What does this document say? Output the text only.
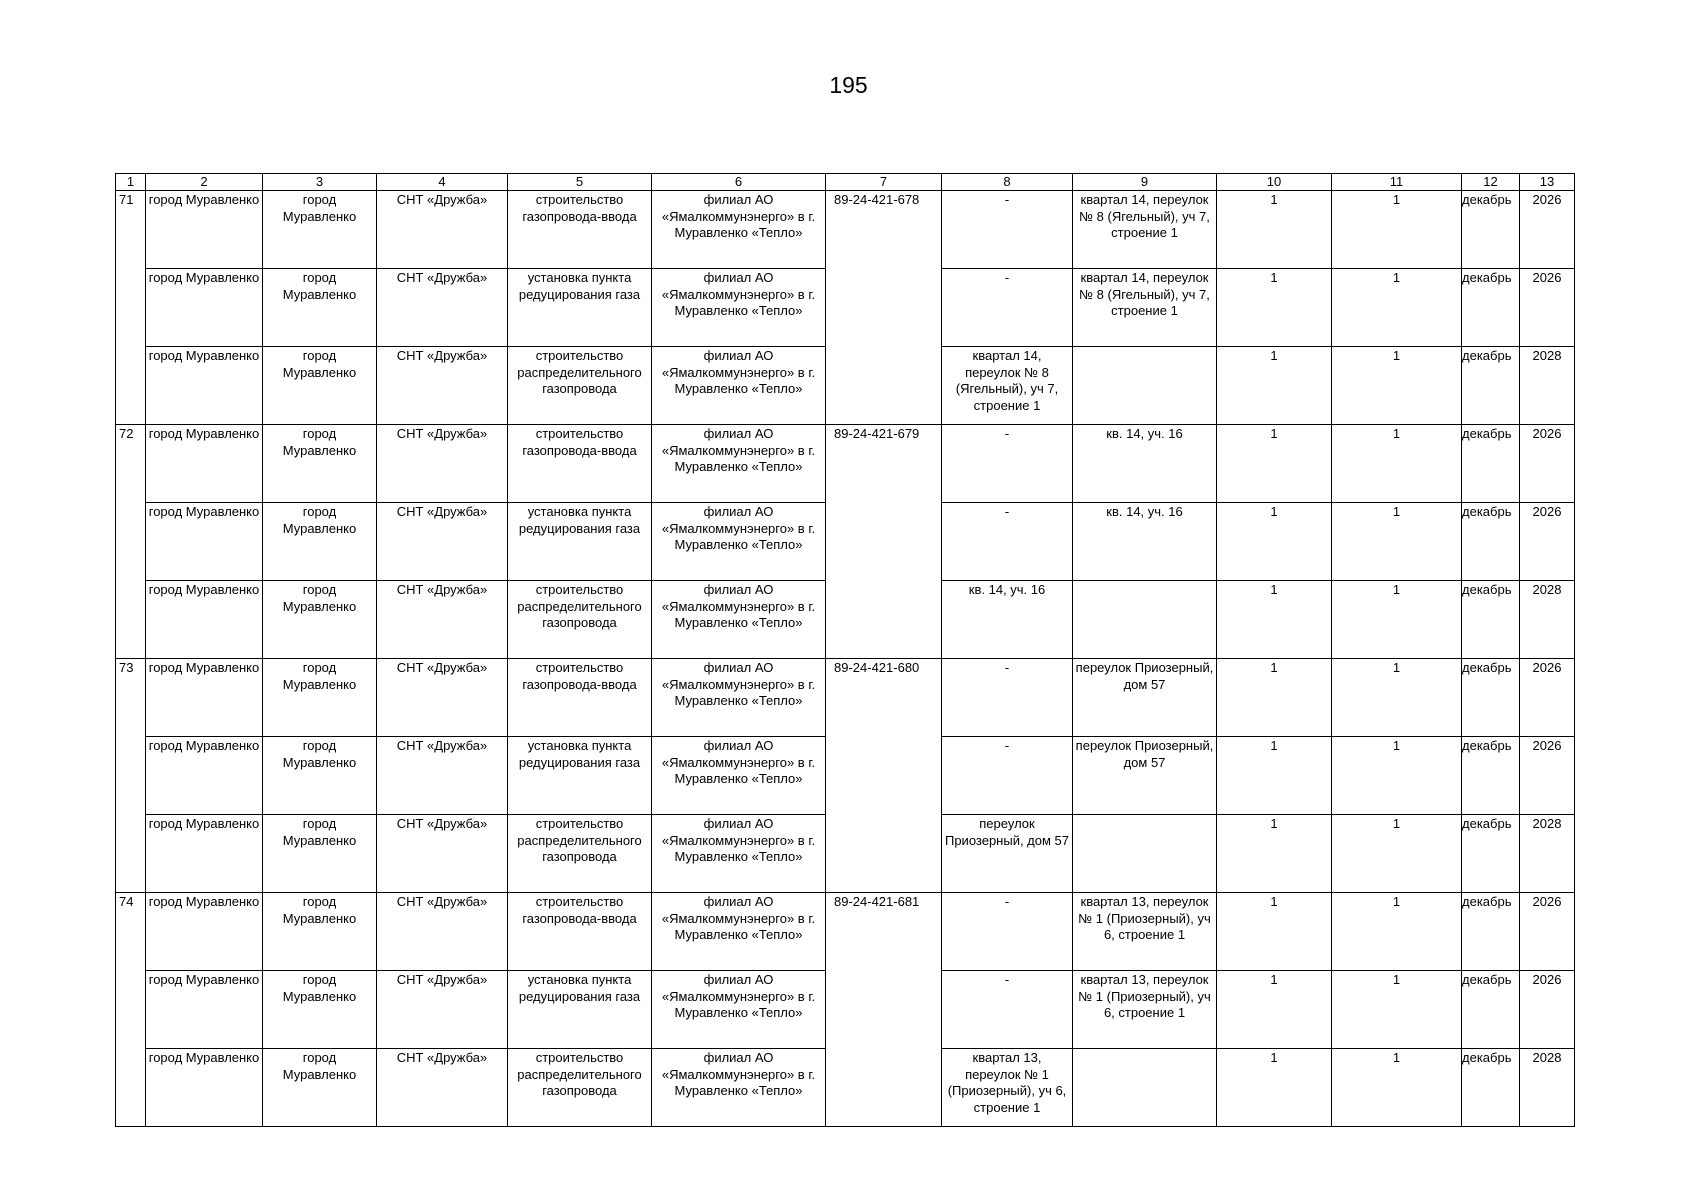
195
1	2	3	4	5	6	7	8	9	10	11	12	13
71	город Муравленко	город Муравленко	СНТ «Дружба»	строительство газопровода-ввода	филиал АО «Ямалкоммунэнерго» в г. Муравленко «Тепло»	89-24-421-678	-	квартал 14, переулок № 8 (Ягельный), уч 7, строение 1	1	1	декабрь	2026
	город Муравленко	город Муравленко	СНТ «Дружба»	установка пункта редуцирования газа	филиал АО «Ямалкоммунэнерго» в г. Муравленко «Тепло»		-	квартал 14, переулок № 8 (Ягельный), уч 7, строение 1	1	1	декабрь	2026
	город Муравленко	город Муравленко	СНТ «Дружба»	строительство распределительного газопровода	филиал АО «Ямалкоммунэнерго» в г. Муравленко «Тепло»		квартал 14, переулок № 8 (Ягельный), уч 7, строение 1		1	1	декабрь	2028
72	город Муравленко	город Муравленко	СНТ «Дружба»	строительство газопровода-ввода	филиал АО «Ямалкоммунэнерго» в г. Муравленко «Тепло»	89-24-421-679	-	кв. 14, уч. 16	1	1	декабрь	2026
	город Муравленко	город Муравленко	СНТ «Дружба»	установка пункта редуцирования газа	филиал АО «Ямалкоммунэнерго» в г. Муравленко «Тепло»		-	кв. 14, уч. 16	1	1	декабрь	2026
	город Муравленко	город Муравленко	СНТ «Дружба»	строительство распределительного газопровода	филиал АО «Ямалкоммунэнерго» в г. Муравленко «Тепло»		кв. 14, уч. 16		1	1	декабрь	2028
73	город Муравленко	город Муравленко	СНТ «Дружба»	строительство газопровода-ввода	филиал АО «Ямалкоммунэнерго» в г. Муравленко «Тепло»	89-24-421-680	-	переулок Приозерный, дом 57	1	1	декабрь	2026
	город Муравленко	город Муравленко	СНТ «Дружба»	установка пункта редуцирования газа	филиал АО «Ямалкоммунэнерго» в г. Муравленко «Тепло»		-	переулок Приозерный, дом 57	1	1	декабрь	2026
	город Муравленко	город Муравленко	СНТ «Дружба»	строительство распределительного газопровода	филиал АО «Ямалкоммунэнерго» в г. Муравленко «Тепло»		переулок Приозерный, дом 57		1	1	декабрь	2028
74	город Муравленко	город Муравленко	СНТ «Дружба»	строительство газопровода-ввода	филиал АО «Ямалкоммунэнерго» в г. Муравленко «Тепло»	89-24-421-681	-	квартал 13, переулок № 1 (Приозерный), уч 6, строение 1	1	1	декабрь	2026
	город Муравленко	город Муравленко	СНТ «Дружба»	установка пункта редуцирования газа	филиал АО «Ямалкоммунэнерго» в г. Муравленко «Тепло»		-	квартал 13, переулок № 1 (Приозерный), уч 6, строение 1	1	1	декабрь	2026
	город Муравленко	город Муравленко	СНТ «Дружба»	строительство распределительного газопровода	филиал АО «Ямалкоммунэнерго» в г. Муравленко «Тепло»		квартал 13, переулок № 1 (Приозерный), уч 6, строение 1		1	1	декабрь	2028
